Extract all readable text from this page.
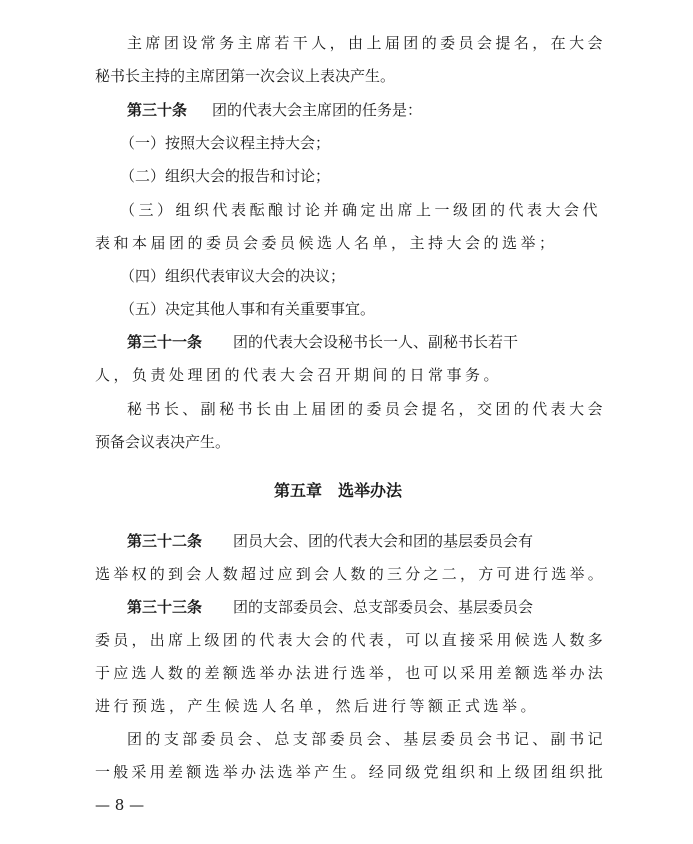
主席团设常务主席若干人，由上届团的委员会提名，在大会
秘书长主持的主席团第一次会议上表决产生。
第三十条 团的代表大会主席团的任务是：
（一）按照大会议程主持大会；
（二）组织大会的报告和讨论；
（三）组织代表酝酿讨论并确定出席上一级团的代表大会代
表和本届团的委员会委员候选人名单，主持大会的选举；
（四）组织代表审议大会的决议；
（五）决定其他人事和有关重要事宜。
第三十一条 团的代表大会设秘书长一人、副秘书长若干
人，负责处理团的代表大会召开期间的日常事务。
秘书长、副秘书长由上届团的委员会提名，交团的代表大会
预备会议表决产生。
第五章　选举办法
第三十二条 团员大会、团的代表大会和团的基层委员会有
选举权的到会人数超过应到会人数的三分之二，方可进行选举。
第三十三条 团的支部委员会、总支部委员会、基层委员会
委员，出席上级团的代表大会的代表，可以直接采用候选人数多
于应选人数的差额选举办法进行选举，也可以采用差额选举办法
进行预选，产生候选人名单，然后进行等额正式选举。
团的支部委员会、总支部委员会、基层委员会书记、副书记
一般采用差额选举办法选举产生。经同级党组织和上级团组织批
— 8 —
